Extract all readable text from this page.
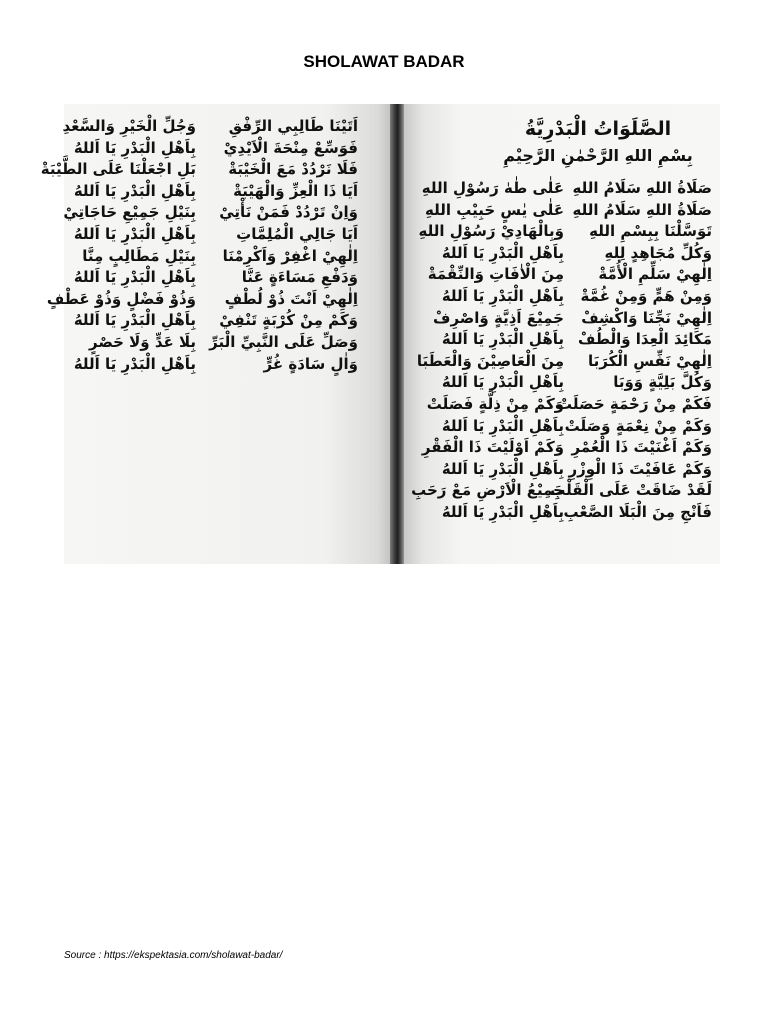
SHOLAWAT BADAR
وَجُلِّ الْخَيْرِ وَالسَّعْدِ
بِاَهْلِ الْبَدْرِ يَا اَللهُ
بَلِ اجْعَلْنَا عَلَى الطَّيْبَةْ
بِاَهْلِ الْبَدْرِ يَا اَللهُ
بِنَيْلِ جَمِيْعِ حَاجَاتِيْ
بِاَهْلِ الْبَدْرِ يَا اَللهُ
بِنَيْلِ مَطَالِبٍ مِنَّا
بِاَهْلِ الْبَدْرِ يَا اَللهُ
وَذُوْ فَضْلٍ وَذُوْ عَطْفٍ
بِاَهْلِ الْبَدْرِ يَا اَللهُ
بِلَا عَدٍّ وَلَا حَصْرٍ
بِاَهْلِ الْبَدْرِ يَا اَللهُ
اَتَيْنَا طَالِبِي الرِّفْقِ
فَوَسِّعْ مِنْحَةَ الْاَيْدِيْ
فَلَا نَرْدُدْ مَعَ الْخَيْبَةْ
اَيَا ذَا الْعِزِّ وَالْهَيْبَةْ
وَاِنْ تَرْدُدْ فَمَنْ نَأْتِيْ
اَيَا جَالِي الْمُلِمَّاتِ
اِلٰهِيْ اغْفِرْ وَاَكْرِمْنَا
وَدَفْعِ مَسَاءَةٍ عَنَّا
اِلٰهِيْ اَنْتَ ذُوْ لُطْفٍ
وَكَمْ مِنْ كُرْبَةٍ تَنْفِيْ
وَصَلِّ عَلَى النَّبِيِّ الْبَرِّ
وَاٰلٍ سَادَةٍ غُرٍّ
الصَّلَوَاتُ الْبَدْرِيَّةُ
بِسْمِ اللهِ الرَّحْمٰنِ الرَّحِيْمِ
عَلٰى طٰهٰ رَسُوْلِ اللهِ
عَلٰى يٰسٍ حَبِيْبِ اللهِ
وَبِالْهَادِيْ رَسُوْلِ اللهِ
بِاَهْلِ الْبَدْرِ يَا اَللهُ
مِنَ الْاٰفَاتِ وَالنِّقْمَةْ
بِاَهْلِ الْبَدْرِ يَا اَللهُ
جَمِيْعَ اَذِيَّةٍ وَاصْرِفْ
بِاَهْلِ الْبَدْرِ يَا اَللهُ
مِنَ الْعَاصِيْنَ وَالْعَطَبَا
بِاَهْلِ الْبَدْرِ يَا اَللهُ
وَكَمْ مِنْ ذِلَّةٍ فَصَلَتْ
بِاَهْلِ الْبَدْرِ يَا اَللهُ
وَكَمْ اَوْلَيْتَ ذَا الْفَقْرِ
بِاَهْلِ الْبَدْرِ يَا اَللهُ
جَمِيْعُ الْاَرْضِ مَعْ رَحَبِ
بِاَهْلِ الْبَدْرِ يَا اَللهُ
صَلَاةُ اللهِ سَلَامُ اللهِ
صَلَاةُ اللهِ سَلَامُ اللهِ
تَوَسَّلْنَا بِبِسْمِ اللهِ
وَكُلِّ مُجَاهِدٍ لِلهِ
اِلٰهِيْ سَلِّمِ الْأُمَّةْ
وَمِنْ هَمٍّ وَمِنْ غُمَّةْ
اِلٰهِيْ نَجِّنَا وَاكْشِفْ
مَكَائِدَ الْعِدَا وَالْطُفْ
اِلٰهِيْ نَفِّسِ الْكُرَبَا
وَكُلَّ بَلِيَّةٍ وَوَبَا
فَكَمْ مِنْ رَحْمَةٍ حَصَلَتْ
وَكَمْ مِنْ نِعْمَةٍ وَصَلَتْ
وَكَمْ اَغْنَيْتَ ذَا الْعُمْرِ
وَكَمْ عَافَيْتَ ذَا الْوِزْرِ
لَقَدْ ضَاقَتْ عَلَى الْقَلْبِ
فَاَنْجِ مِنَ الْبَلَا الصَّعْبِ
Source : https://ekspektasia.com/sholawat-badar/
